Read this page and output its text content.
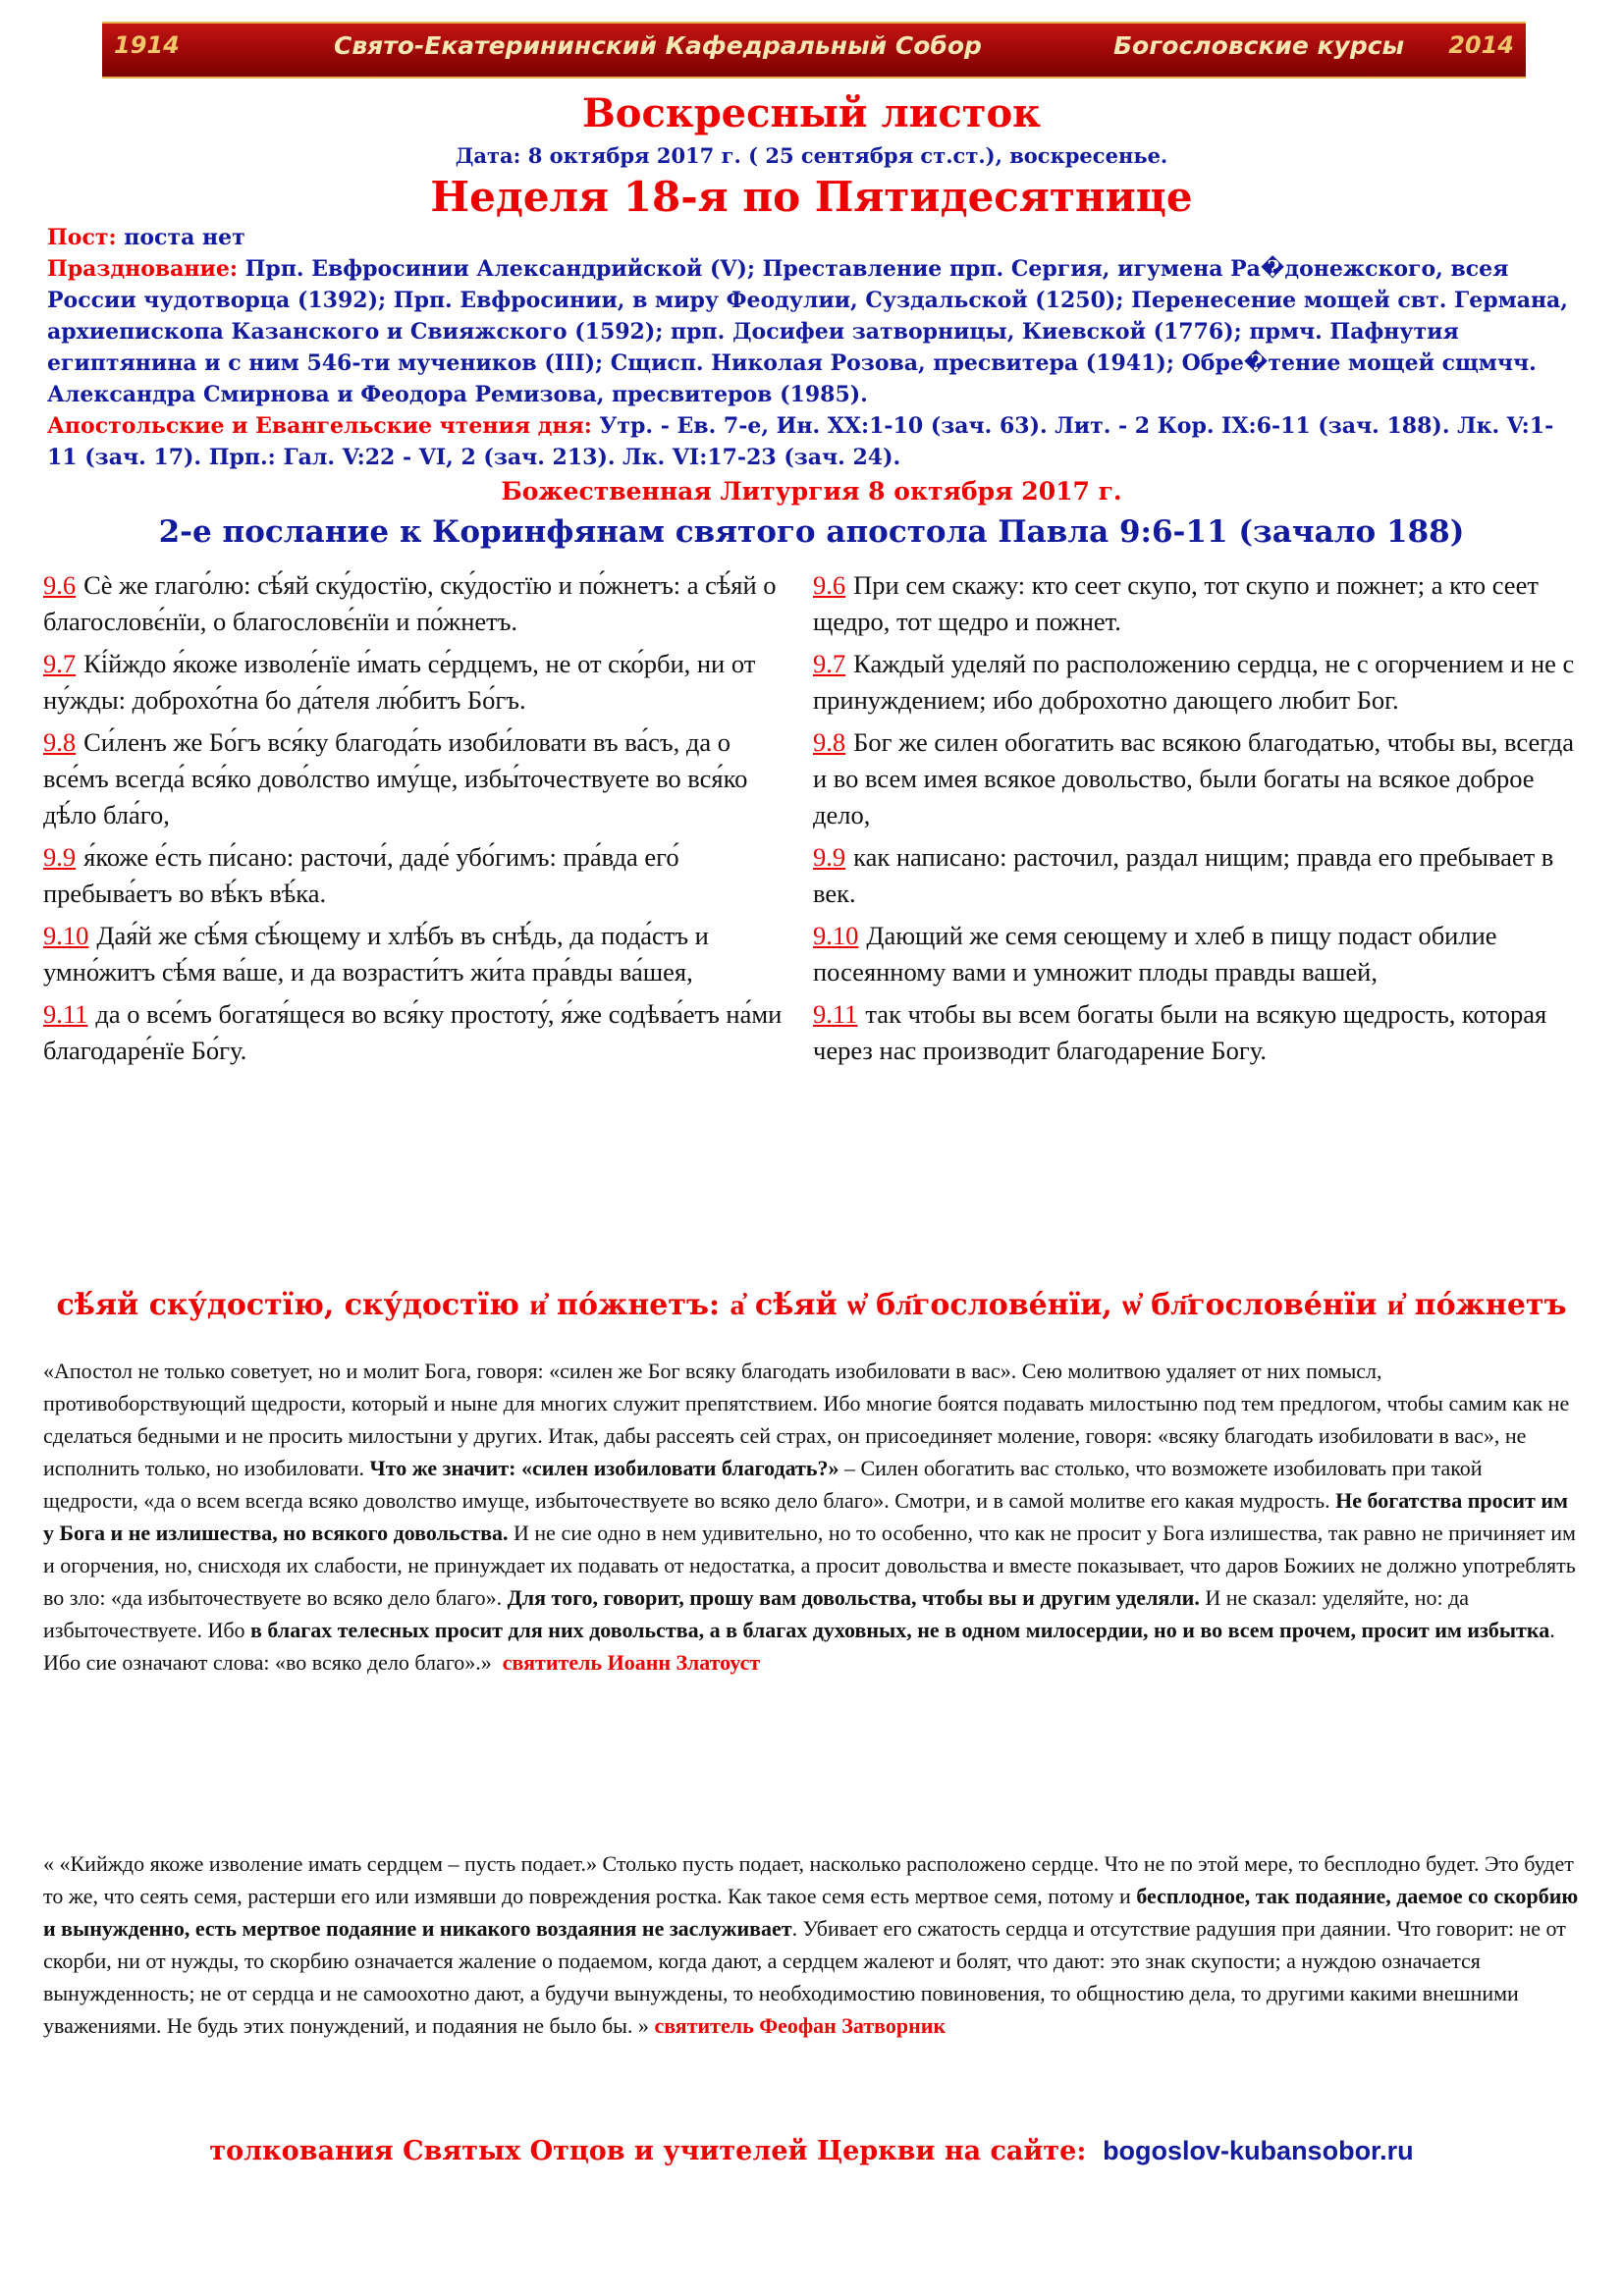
1914	Свято-Екатерининский Кафедральный Собор	Богословские курсы 2014
Воскресный листок
Дата: 8 октября 2017 г. ( 25 сентября ст.ст.), воскресенье.
Неделя 18-я по Пятидесятнице
Пост: поста нет
Празднование: Прп. Евфросинии Александрийской (V); Преставление прп. Сергия, игумена Ра�донежского, всея России чудотворца (1392); Прп. Евфросинии, в миру Феодулии, Суздальской (1250); Перенесение мощей свт. Германа, архиепископа Казанского и Свияжского (1592); прп. Досифеи затворницы, Киевской (1776); прмч. Пафнутия египтянина и с ним 546-ти мучеников (III); Сщисп. Николая Розова, пресвитера (1941); Обре�тение мощей сщмчч. Александра Смирнова и Феодора Ремизова, пресвитеров (1985).
Апостольские и Евангельские чтения дня: Утр. - Ев. 7-е, Ин. XX:1-10 (зач. 63). Лит. - 2 Кор. IX:6-11 (зач. 188). Лк. V:1-11 (зач. 17). Прп.: Гал. V:22 - VI, 2 (зач. 213). Лк. VI:17-23 (зач. 24).
Божественная Литургия 8 октября 2017 г.
2-е послание к Коринфянам святого апостола Павла 9:6-11 (зачало 188)

9.6 Сѐ же глаго́лю: сѣ́яй ску́достїю, ску́достїю и по́жнетъ: а сѣ́яй о благословє́нїи, о благословє́нїи и по́жнетъ.

9.7 Кі́йждо я́коже изволе́нїе и́мать се́рдцемъ, не от ско́рби, ни от ну́жды: доброхо́тна бо да́теля лю́битъ Бо́гъ.

9.8 Си́ленъ же Бо́гъ вся́ку благода́ть изоби́ловати въ ва́съ, да о все́мъ всегда́ вся́ко дово́лство иму́ще, избы́точествуете во вся́ко дѣ́ло бла́го,

9.9 я́коже е́сть пи́сано: расточи́, даде́ убо́гимъ: пра́вда его́ пребыва́етъ во вѣ́къ вѣ́ка.

9.10 Дая́й же сѣ́мя сѣ́ющему и хлѣ́бъ въ снѣ́дь, да пода́стъ и умно́житъ сѣ́мя ва́ше, и да возрасти́тъ жи́та пра́вды ва́шея,

9.11 да о все́мъ богатя́щеся во вся́ку простоту́, я́же содѣва́етъ на́ми благодаре́нїе Бо́гу.

9.6 При сем скажу: кто сеет скупо, тот скупо и пожнет; а кто сеет щедро, тот щедро и пожнет.

9.7 Каждый уделяй по расположению сердца, не с огорчением и не с принуждением; ибо доброхотно дающего любит Бог.

9.8 Бог же силен обогатить вас всякою благодатью, чтобы вы, всегда и во всем имея всякое довольство, были богаты на всякое доброе дело,

9.9 как написано: расточил, раздал нищим; правда его пребывает в век.

9.10 Дающий же семя сеющему и хлеб в пищу подаст обилие посеянному вами и умножит плоды правды вашей,

9.11 так чтобы вы всем богаты были на всякую щедрость, которая через нас производит благодарение Богу.

сѣ́яй ску́достїю, ску́достїю и҆ по́жнетъ: а҆ сѣ́яй ѡ҆ бл҃гослове́нїи, ѡ҆ бл҃гослове́нїи и҆ по́жнетъ
«Апостол не только советует, но и молит Бога, говоря: «силен же Бог всяку благодать изобиловати в вас». Сею молитвою удаляет от них помысл, противоборствующий щедрости, который и ныне для многих служит препятствием. Ибо многие боятся подавать милостыню под тем предлогом, чтобы самим как не сделаться бедными и не просить милостыни у других. Итак, дабы рассеять сей страх, он присоединяет моление, говоря: «всяку благодать изобиловати в вас», не исполнить только, но изобиловати. Что же значит: «силен изобиловати благодать?» – Силен обогатить вас столько, что возможете изобиловать при такой щедрости, «да о всем всегда всяко доволство имуще, избыточествуете во всяко дело благо». Смотри, и в самой молитве его какая мудрость. Не богатства просит им у Бога и не излишества, но всякого довольства. И не сие одно в нем удивительно, но то особенно, что как не просит у Бога излишества, так равно не причиняет им и огорчения, но, снисходя их слабости, не принуждает их подавать от недостатка, а просит довольства и вместе показывает, что даров Божиих не должно употреблять во зло: «да избыточествуете во всяко дело благо». Для того, говорит, прошу вам довольства, чтобы вы и другим уделяли. И не сказал: уделяйте, но: да избыточествуете. Ибо в благах телесных просит для них довольства, а в благах духовных, не в одном милосердии, но и во всем прочем, просит им избытка. Ибо сие означают слова: «во всяко дело благо».» святитель Иоанн Златоуст
« «Кийждо якоже изволение имать сердцем – пусть подает.» Столько пусть подает, насколько расположено сердце. Что не по этой мере, то бесплодно будет. Это будет то же, что сеять семя, растерши его или измявши до повреждения ростка. Как такое семя есть мертвое семя, потому и бесплодное, так подаяние, даемое со скорбию и вынужденно, есть мертвое подаяние и никакого воздаяния не заслуживает. Убивает его сжатость сердца и отсутствие радушия при даянии. Что говорит: не от скорби, ни от нужды, то скорбию означается жаление о подаемом, когда дают, а сердцем жалеют и болят, что дают: это знак скупости; а нуждою означается вынужденность; не от сердца и не самоохотно дают, а будучи вынуждены, то необходимостию повиновения, то общностию дела, то другими какими внешними уважениями. Не будь этих понуждений, и подаяния не было бы. » святитель Феофан Затворник
толкования Святых Отцов и учителей Церкви на сайте: bogoslov-kubansobor.ru
